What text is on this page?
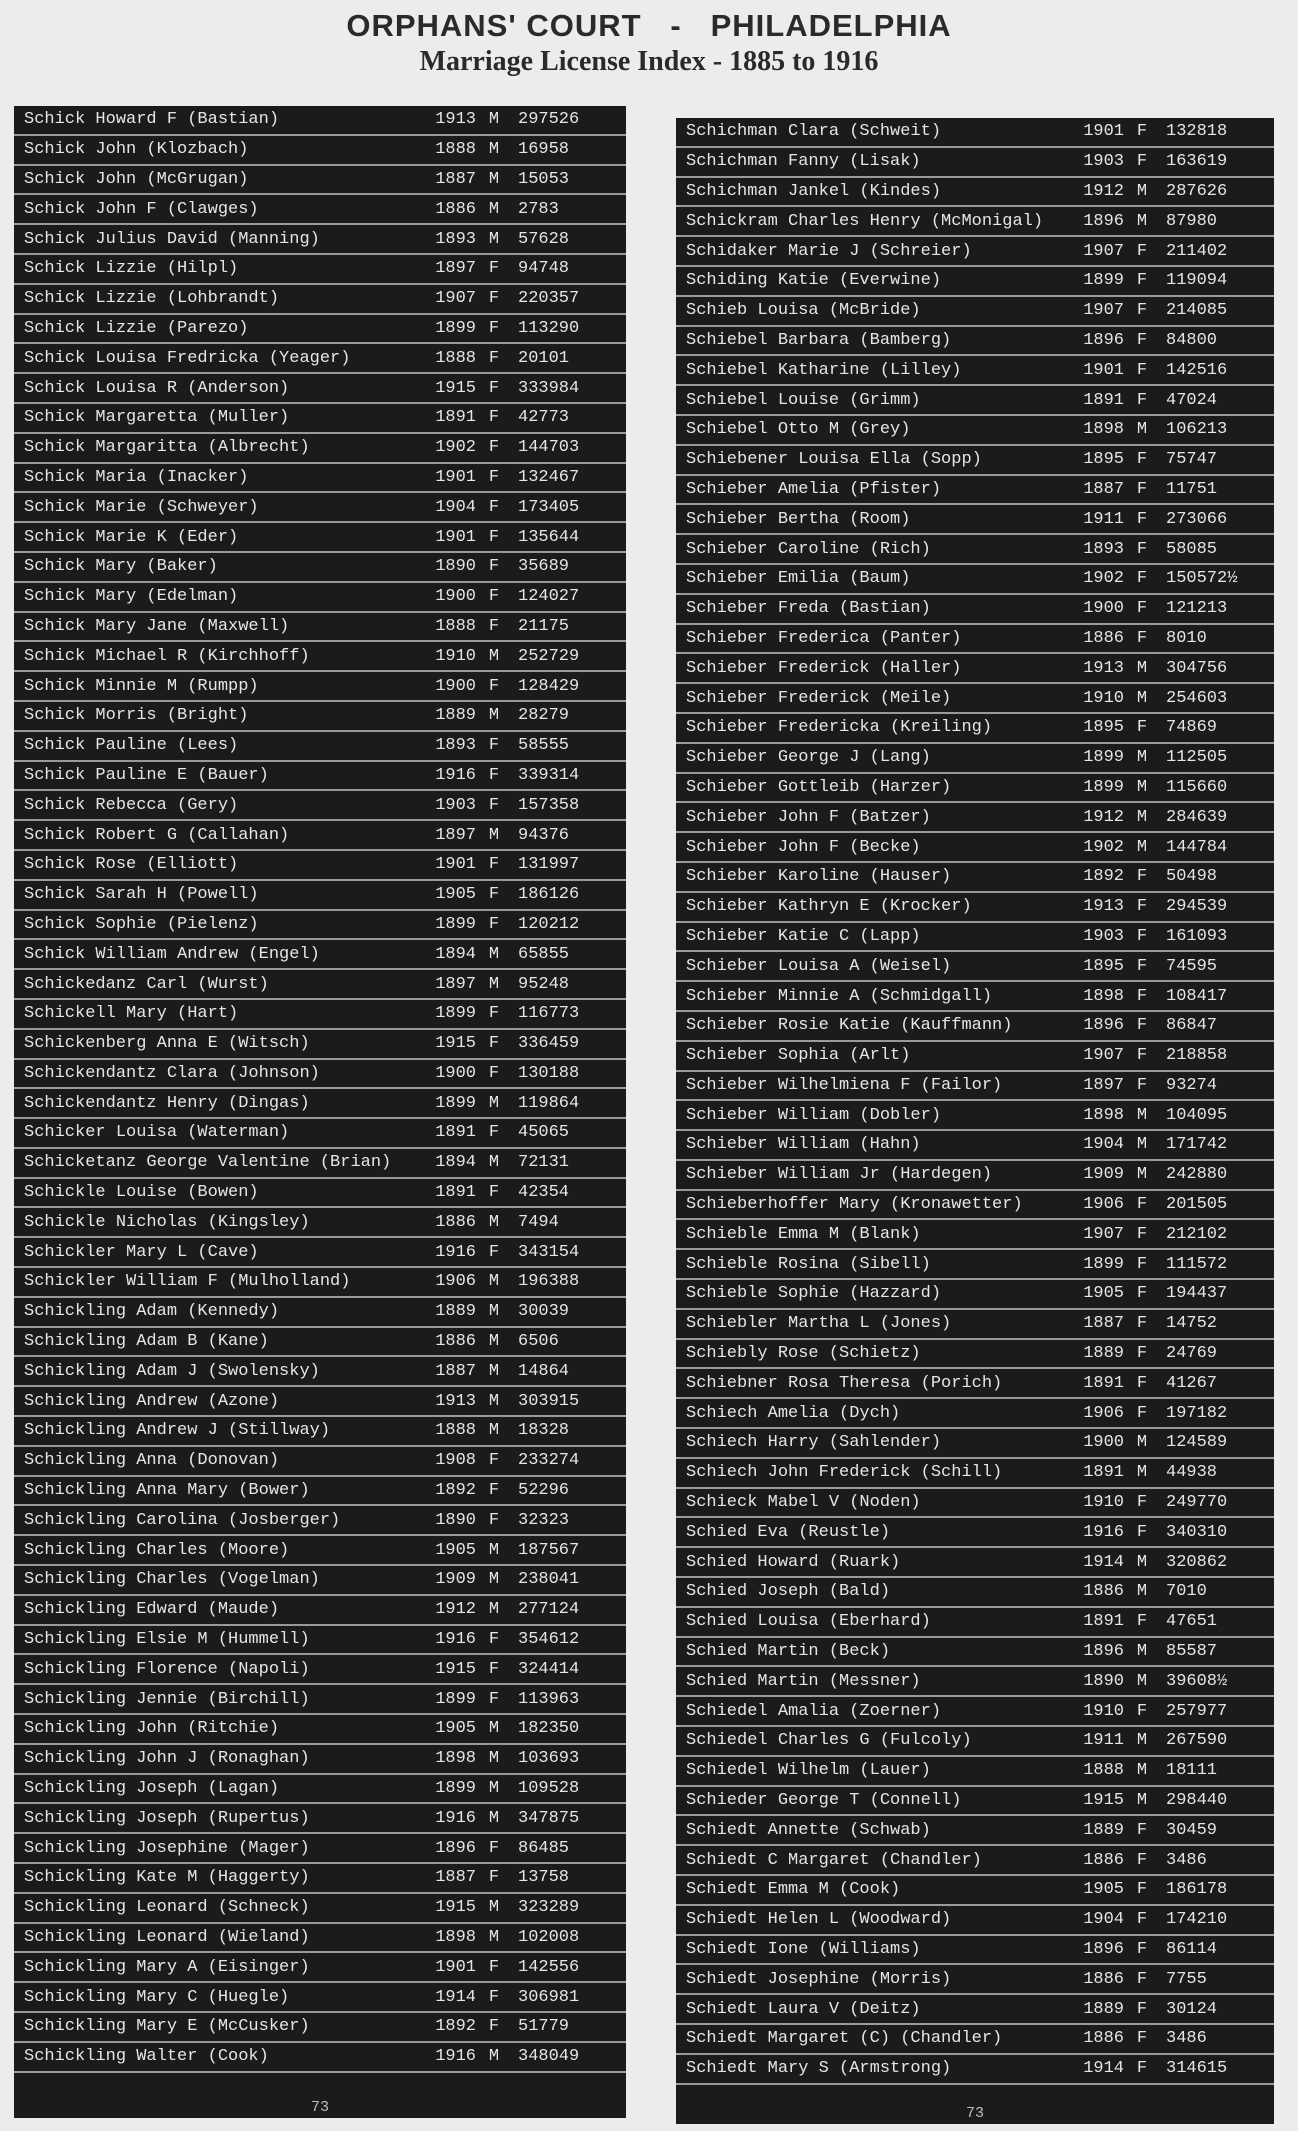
ORPHANS' COURT - PHILADELPHIA
Marriage License Index - 1885 to 1916
Schick Howard F (Bastian)	1913 M	297526
Schick John (Klozbach)	1888 M	16958
Schick John (McGrugan)	1887 M	15053
Schick John F (Clawges)	1886 M	2783
Schick Julius David (Manning)	1893 M	57628
Schick Lizzie (Hilpl)	1897 F	94748
Schick Lizzie (Lohbrandt)	1907 F	220357
Schick Lizzie (Parezo)	1899 F	113290
Schick Louisa Fredricka (Yeager)	1888 F	20101
Schick Louisa R (Anderson)	1915 F	333984
Schick Margaretta (Muller)	1891 F	42773
Schick Margaritta (Albrecht)	1902 F	144703
Schick Maria (Inacker)	1901 F	132467
Schick Marie (Schweyer)	1904 F	173405
Schick Marie K (Eder)	1901 F	135644
Schick Mary (Baker)	1890 F	35689
Schick Mary (Edelman)	1900 F	124027
Schick Mary Jane (Maxwell)	1888 F	21175
Schick Michael R (Kirchhoff)	1910 M	252729
Schick Minnie M (Rumpp)	1900 F	128429
Schick Morris (Bright)	1889 M	28279
Schick Pauline (Lees)	1893 F	58555
Schick Pauline E (Bauer)	1916 F	339314
Schick Rebecca (Gery)	1903 F	157358
Schick Robert G (Callahan)	1897 M	94376
Schick Rose (Elliott)	1901 F	131997
Schick Sarah H (Powell)	1905 F	186126
Schick Sophie (Pielenz)	1899 F	120212
Schick William Andrew (Engel)	1894 M	65855
Schickedanz Carl (Wurst)	1897 M	95248
Schickell Mary (Hart)	1899 F	116773
Schickenberg Anna E (Witsch)	1915 F	336459
Schickendantz Clara (Johnson)	1900 F	130188
Schickendantz Henry (Dingas)	1899 M	119864
Schicker Louisa (Waterman)	1891 F	45065
Schicketanz George Valentine (Brian)	1894 M	72131
Schickle Louise (Bowen)	1891 F	42354
Schickle Nicholas (Kingsley)	1886 M	7494
Schickler Mary L (Cave)	1916 F	343154
Schickler William F (Mulholland)	1906 M	196388
Schickling Adam (Kennedy)	1889 M	30039
Schickling Adam B (Kane)	1886 M	6506
Schickling Adam J (Swolensky)	1887 M	14864
Schickling Andrew (Azone)	1913 M	303915
Schickling Andrew J (Stillway)	1888 M	18328
Schickling Anna (Donovan)	1908 F	233274
Schickling Anna Mary (Bower)	1892 F	52296
Schickling Carolina (Josberger)	1890 F	32323
Schickling Charles (Moore)	1905 M	187567
Schickling Charles (Vogelman)	1909 M	238041
Schickling Edward (Maude)	1912 M	277124
Schickling Elsie M (Hummell)	1916 F	354612
Schickling Florence (Napoli)	1915 F	324414
Schickling Jennie (Birchill)	1899 F	113963
Schickling John (Ritchie)	1905 M	182350
Schickling John J (Ronaghan)	1898 M	103693
Schickling Joseph (Lagan)	1899 M	109528
Schickling Joseph (Rupertus)	1916 M	347875
Schickling Josephine (Mager)	1896 F	86485
Schickling Kate M (Haggerty)	1887 F	13758
Schickling Leonard (Schneck)	1915 M	323289
Schickling Leonard (Wieland)	1898 M	102008
Schickling Mary A (Eisinger)	1901 F	142556
Schickling Mary C (Huegle)	1914 F	306981
Schickling Mary E (McCusker)	1892 F	51779
Schickling Walter (Cook)	1916 M	348049
73
Schichman Clara (Schweit)	1901 F	132818
Schichman Fanny (Lisak)	1903 F	163619
Schichman Jankel (Kindes)	1912 M	287626
Schickram Charles Henry (McMonigal)	1896 M	87980
Schidaker Marie J (Schreier)	1907 F	211402
Schiding Katie (Everwine)	1899 F	119094
Schieb Louisa (McBride)	1907 F	214085
Schiebel Barbara (Bamberg)	1896 F	84800
Schiebel Katharine (Lilley)	1901 F	142516
Schiebel Louise (Grimm)	1891 F	47024
Schiebel Otto M (Grey)	1898 M	106213
Schiebener Louisa Ella (Sopp)	1895 F	75747
Schieber Amelia (Pfister)	1887 F	11751
Schieber Bertha (Room)	1911 F	273066
Schieber Caroline (Rich)	1893 F	58085
Schieber Emilia (Baum)	1902 F	150572½
Schieber Freda (Bastian)	1900 F	121213
Schieber Frederica (Panter)	1886 F	8010
Schieber Frederick (Haller)	1913 M	304756
Schieber Frederick (Meile)	1910 M	254603
Schieber Fredericka (Kreiling)	1895 F	74869
Schieber George J (Lang)	1899 M	112505
Schieber Gottleib (Harzer)	1899 M	115660
Schieber John F (Batzer)	1912 M	284639
Schieber John F (Becke)	1902 M	144784
Schieber Karoline (Hauser)	1892 F	50498
Schieber Kathryn E (Krocker)	1913 F	294539
Schieber Katie C (Lapp)	1903 F	161093
Schieber Louisa A (Weisel)	1895 F	74595
Schieber Minnie A (Schmidgall)	1898 F	108417
Schieber Rosie Katie (Kauffmann)	1896 F	86847
Schieber Sophia (Arlt)	1907 F	218858
Schieber Wilhelmiena F (Failor)	1897 F	93274
Schieber William (Dobler)	1898 M	104095
Schieber William (Hahn)	1904 M	171742
Schieber William Jr (Hardegen)	1909 M	242880
Schieberhoffer Mary (Kronawetter)	1906 F	201505
Schieble Emma M (Blank)	1907 F	212102
Schieble Rosina (Sibell)	1899 F	111572
Schieble Sophie (Hazzard)	1905 F	194437
Schiebler Martha L (Jones)	1887 F	14752
Schiebly Rose (Schietz)	1889 F	24769
Schiebner Rosa Theresa (Porich)	1891 F	41267
Schiech Amelia (Dych)	1906 F	197182
Schiech Harry (Sahlender)	1900 M	124589
Schiech John Frederick (Schill)	1891 M	44938
Schieck Mabel V (Noden)	1910 F	249770
Schied Eva (Reustle)	1916 F	340310
Schied Howard (Ruark)	1914 M	320862
Schied Joseph (Bald)	1886 M	7010
Schied Louisa (Eberhard)	1891 F	47651
Schied Martin (Beck)	1896 M	85587
Schied Martin (Messner)	1890 M	39608½
Schiedel Amalia (Zoerner)	1910 F	257977
Schiedel Charles G (Fulcoly)	1911 M	267590
Schiedel Wilhelm (Lauer)	1888 M	18111
Schieder George T (Connell)	1915 M	298440
Schiedt Annette (Schwab)	1889 F	30459
Schiedt C Margaret (Chandler)	1886 F	3486
Schiedt Emma M (Cook)	1905 F	186178
Schiedt Helen L (Woodward)	1904 F	174210
Schiedt Ione (Williams)	1896 F	86114
Schiedt Josephine (Morris)	1886 F	7755
Schiedt Laura V (Deitz)	1889 F	30124
Schiedt Margaret (C) (Chandler)	1886 F	3486
Schiedt Mary S (Armstrong)	1914 F	314615
73
